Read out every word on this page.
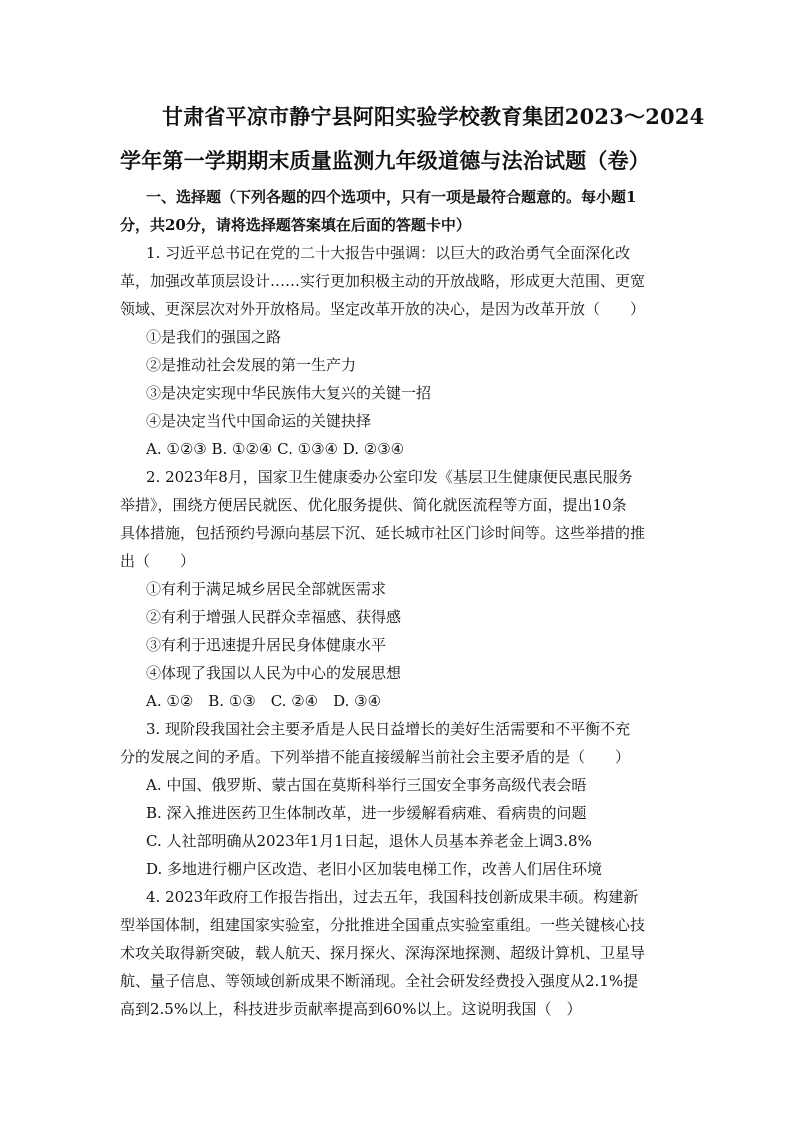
甘肃省平凉市静宁县阿阳实验学校教育集团2023～2024
学年第一学期期末质量监测九年级道德与法治试题（卷）

一、选择题（下列各题的四个选项中，只有一项是最符合题意的。每小题1

分，共20分，请将选择题答案填在后面的答题卡中）

1. 习近平总书记在党的二十大报告中强调：以巨大的政治勇气全面深化改

革，加强改革顶层设计……实行更加积极主动的开放战略，形成更大范围、更宽

领域、更深层次对外开放格局。坚定改革开放的决心，是因为改革开放（　　）

①是我们的强国之路

②是推动社会发展的第一生产力

③是决定实现中华民族伟大复兴的关键一招

④是决定当代中国命运的关键抉择

A. ①②③ B. ①②④ C. ①③④ D. ②③④

2. 2023年8月，国家卫生健康委办公室印发《基层卫生健康便民惠民服务

举措》，围绕方便居民就医、优化服务提供、简化就医流程等方面，提出10条

具体措施，包括预约号源向基层下沉、延长城市社区门诊时间等。这些举措的推

出（　　）

①有利于满足城乡居民全部就医需求

②有利于增强人民群众幸福感、获得感

③有利于迅速提升居民身体健康水平

④体现了我国以人民为中心的发展思想

A. ①②　B. ①③　C. ②④　D. ③④

3. 现阶段我国社会主要矛盾是人民日益增长的美好生活需要和不平衡不充

分的发展之间的矛盾。下列举措不能直接缓解当前社会主要矛盾的是（　　）

A. 中国、俄罗斯、蒙古国在莫斯科举行三国安全事务高级代表会晤

B. 深入推进医药卫生体制改革，进一步缓解看病难、看病贵的问题

C. 人社部明确从2023年1月1日起，退休人员基本养老金上调3.8%

D. 多地进行棚户区改造、老旧小区加装电梯工作，改善人们居住环境

4. 2023年政府工作报告指出，过去五年，我国科技创新成果丰硕。构建新

型举国体制，组建国家实验室，分批推进全国重点实验室重组。一些关键核心技

术攻关取得新突破，载人航天、探月探火、深海深地探测、超级计算机、卫星导

航、量子信息、等领域创新成果不断涌现。全社会研发经费投入强度从2.1%提

高到2.5%以上，科技进步贡献率提高到60%以上。这说明我国（　）
